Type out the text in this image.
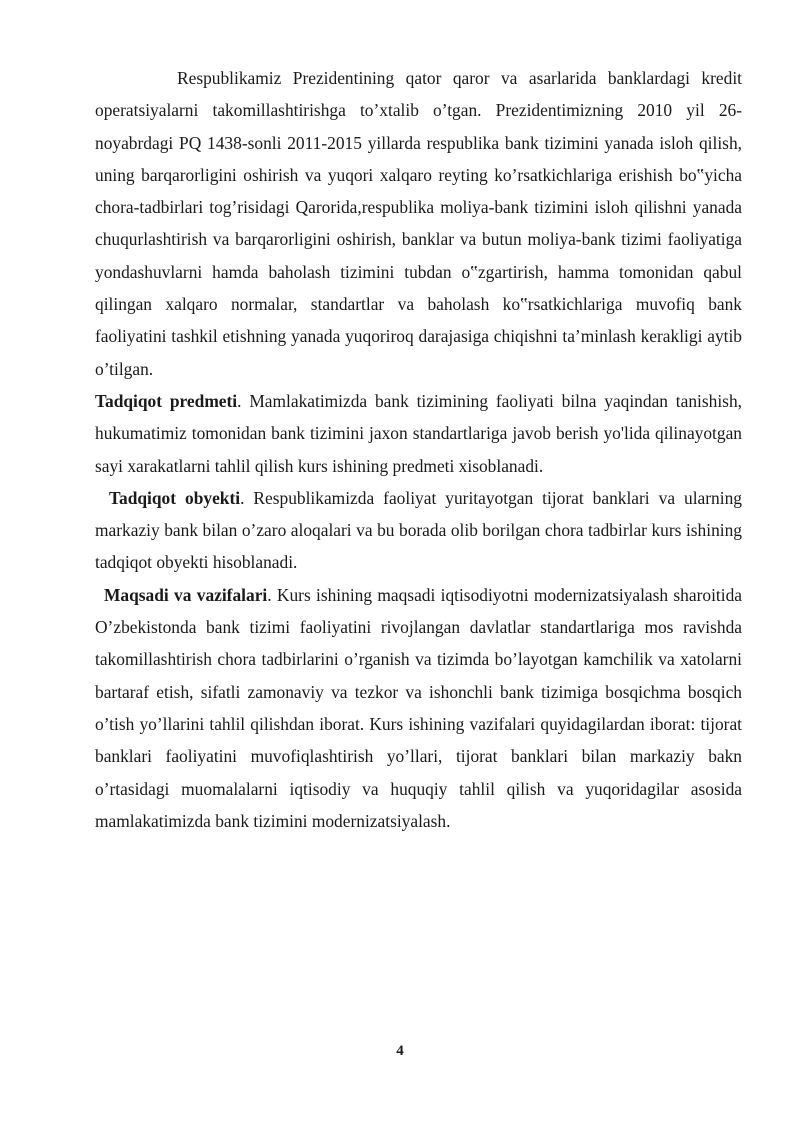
Respublikamiz Prezidentining qator qaror va asarlarida banklardagi kredit operatsiyalarni takomillashtirishga to’xtalib o’tgan. Prezidentimizning 2010 yil 26-noyabrdagi PQ 1438-sonli 2011-2015 yillarda respublika bank tizimini yanada isloh qilish, uning barqarorligini oshirish va yuqori xalqaro reyting ko’rsatkichlariga erishish bo‟yicha chora-tadbirlari tog’risidagi Qarorida,respublika moliya-bank tizimini isloh qilishni yanada chuqurlashtirish va barqarorligini oshirish, banklar va butun moliya-bank tizimi faoliyatiga yondashuvlarni hamda baholash tizimini tubdan o‟zgartirish, hamma tomonidan qabul qilingan xalqaro normalar, standartlar va baholash ko‟rsatkichlariga muvofiq bank faoliyatini tashkil etishning yanada yuqoriroq darajasiga chiqishni ta’minlash kerakligi aytib o’tilgan.

Tadqiqot predmeti. Mamlakatimizda bank tizimining faoliyati bilna yaqindan tanishish, hukumatimiz tomonidan bank tizimini jaxon standartlariga javob berish yo'lida qilinayotgan sayi xarakatlarni tahlil qilish kurs ishining predmeti xisoblanadi.

Tadqiqot obyekti. Respublikamizda faoliyat yuritayotgan tijorat banklari va ularning markaziy bank bilan o’zaro aloqalari va bu borada olib borilgan chora tadbirlar kurs ishining tadqiqot obyekti hisoblanadi.

Maqsadi va vazifalari. Kurs ishining maqsadi iqtisodiyotni modernizatsiyalash sharoitida O’zbekistonda bank tizimi faoliyatini rivojlangan davlatlar standartlariga mos ravishda takomillashtirish chora tadbirlarini o’rganish va tizimda bo’layotgan kamchilik va xatolarni bartaraf etish, sifatli zamonaviy va tezkor va ishonchli bank tizimiga bosqichma bosqich o’tish yo’llarini tahlil qilishdan iborat. Kurs ishining vazifalari quyidagilardan iborat: tijorat banklari faoliyatini muvofiqlashtirish yo’llari, tijorat banklari bilan markaziy bakn o’rtasidagi muomalalarni iqtisodiy va huquqiy tahlil qilish va yuqoridagilar asosida mamlakatimizda bank tizimini modernizatsiyalash.

4
